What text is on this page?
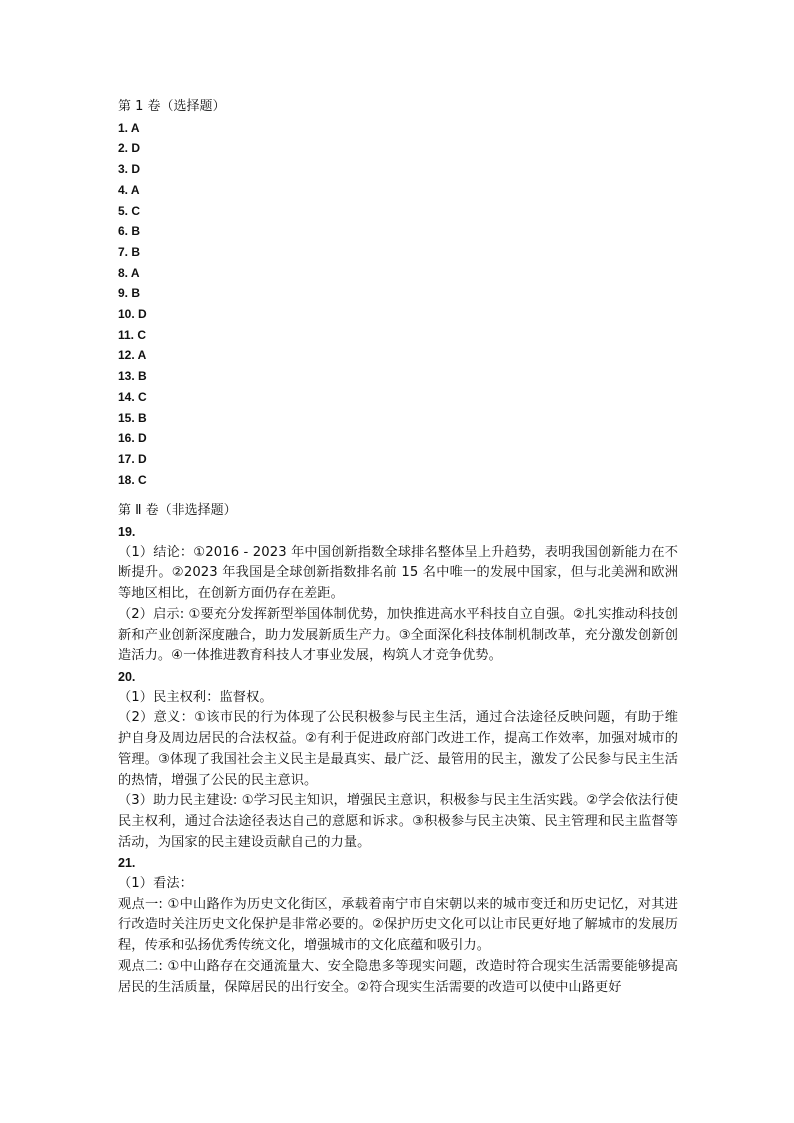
第 1 卷（选择题）
1. A
2. D
3. D
4. A
5. C
6. B
7. B
8. A
9. B
10. D
11. C
12. A
13. B
14. C
15. B
16. D
17. D
18. C
第 Ⅱ 卷（非选择题）
19.
（1）结论：①2016 - 2023 年中国创新指数全球排名整体呈上升趋势，表明我国创新能力在不断提升。②2023 年我国是全球创新指数排名前 15 名中唯一的发展中国家，但与北美洲和欧洲等地区相比，在创新方面仍存在差距。
（2）启示: ①要充分发挥新型举国体制优势，加快推进高水平科技自立自强。②扎实推动科技创新和产业创新深度融合，助力发展新质生产力。③全面深化科技体制机制改革，充分激发创新创造活力。④一体推进教育科技人才事业发展，构筑人才竞争优势。
20.
（1）民主权利：监督权。
（2）意义：①该市民的行为体现了公民积极参与民主生活，通过合法途径反映问题，有助于维护自身及周边居民的合法权益。②有利于促进政府部门改进工作，提高工作效率，加强对城市的管理。③体现了我国社会主义民主是最真实、最广泛、最管用的民主，激发了公民参与民主生活的热情，增强了公民的民主意识。
（3）助力民主建设: ①学习民主知识，增强民主意识，积极参与民主生活实践。②学会依法行使民主权利，通过合法途径表达自己的意愿和诉求。③积极参与民主决策、民主管理和民主监督等活动，为国家的民主建设贡献自己的力量。
21.
（1）看法：
观点一: ①中山路作为历史文化街区，承载着南宁市自宋朝以来的城市变迁和历史记忆，对其进行改造时关注历史文化保护是非常必要的。②保护历史文化可以让市民更好地了解城市的发展历程，传承和弘扬优秀传统文化，增强城市的文化底蕴和吸引力。
观点二: ①中山路存在交通流量大、安全隐患多等现实问题，改造时符合现实生活需要能够提高居民的生活质量，保障居民的出行安全。②符合现实生活需要的改造可以使中山路更好
